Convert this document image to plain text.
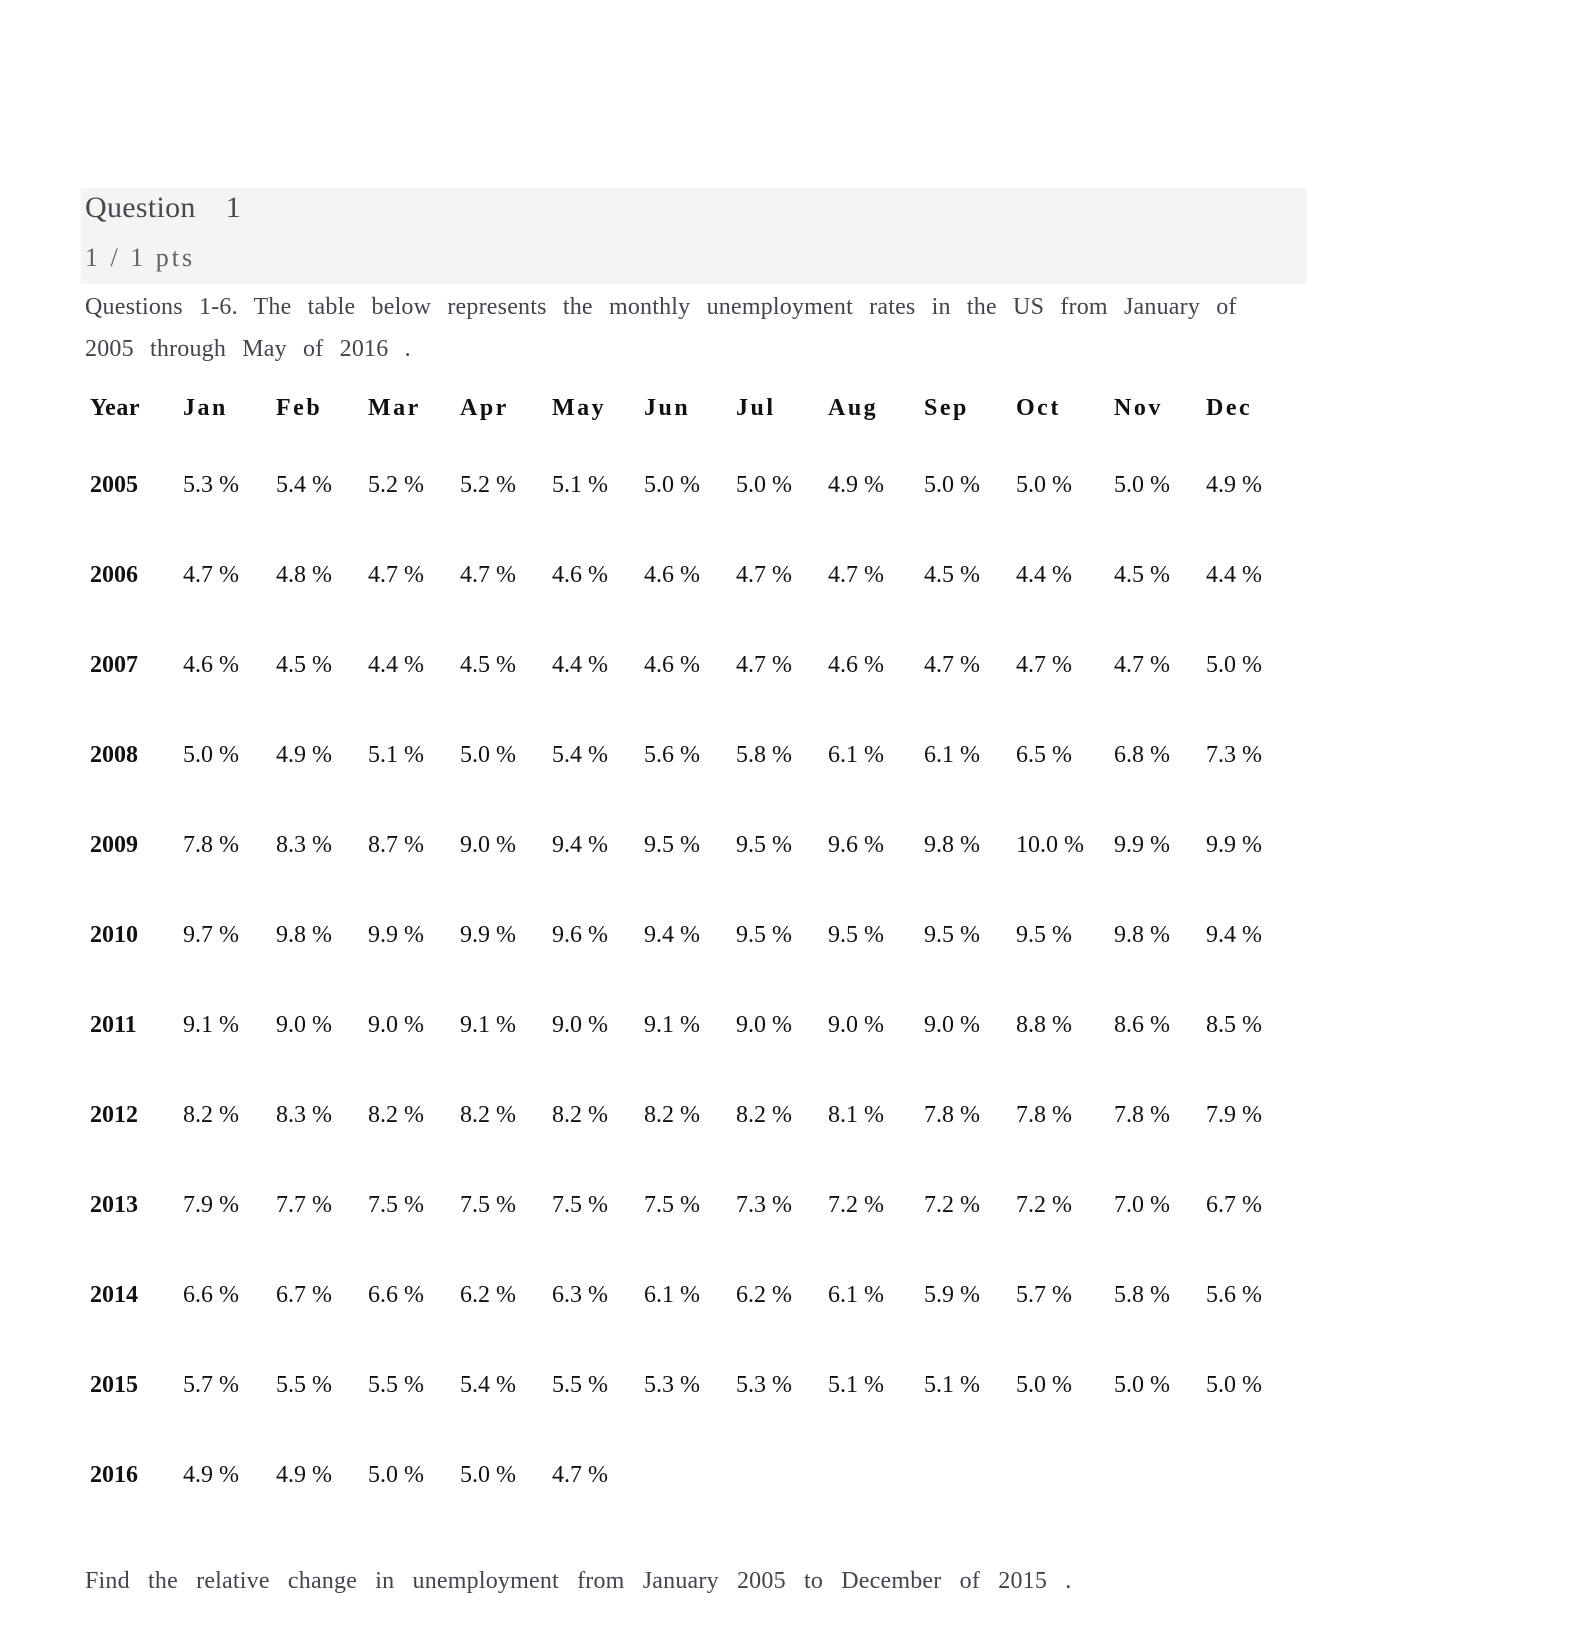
Question 1
1 / 1 pts
Questions 1-6. The table below represents the monthly unemployment rates in the US from January of 2005 through May of 2016 .
Year	Jan	Feb	Mar	Apr	May	Jun	Jul	Aug	Sep	Oct	Nov	Dec
2005	5.3 %	5.4 %	5.2 %	5.2 %	5.1 %	5.0 %	5.0 %	4.9 %	5.0 %	5.0 %	5.0 %	4.9 %
2006	4.7 %	4.8 %	4.7 %	4.7 %	4.6 %	4.6 %	4.7 %	4.7 %	4.5 %	4.4 %	4.5 %	4.4 %
2007	4.6 %	4.5 %	4.4 %	4.5 %	4.4 %	4.6 %	4.7 %	4.6 %	4.7 %	4.7 %	4.7 %	5.0 %
2008	5.0 %	4.9 %	5.1 %	5.0 %	5.4 %	5.6 %	5.8 %	6.1 %	6.1 %	6.5 %	6.8 %	7.3 %
2009	7.8 %	8.3 %	8.7 %	9.0 %	9.4 %	9.5 %	9.5 %	9.6 %	9.8 %	10.0 %	9.9 %	9.9 %
2010	9.7 %	9.8 %	9.9 %	9.9 %	9.6 %	9.4 %	9.5 %	9.5 %	9.5 %	9.5 %	9.8 %	9.4 %
2011	9.1 %	9.0 %	9.0 %	9.1 %	9.0 %	9.1 %	9.0 %	9.0 %	9.0 %	8.8 %	8.6 %	8.5 %
2012	8.2 %	8.3 %	8.2 %	8.2 %	8.2 %	8.2 %	8.2 %	8.1 %	7.8 %	7.8 %	7.8 %	7.9 %
2013	7.9 %	7.7 %	7.5 %	7.5 %	7.5 %	7.5 %	7.3 %	7.2 %	7.2 %	7.2 %	7.0 %	6.7 %
2014	6.6 %	6.7 %	6.6 %	6.2 %	6.3 %	6.1 %	6.2 %	6.1 %	5.9 %	5.7 %	5.8 %	5.6 %
2015	5.7 %	5.5 %	5.5 %	5.4 %	5.5 %	5.3 %	5.3 %	5.1 %	5.1 %	5.0 %	5.0 %	5.0 %
2016	4.9 %	4.9 %	5.0 %	5.0 %	4.7 %							
Find the relative change in unemployment from January 2005 to December of 2015 .
